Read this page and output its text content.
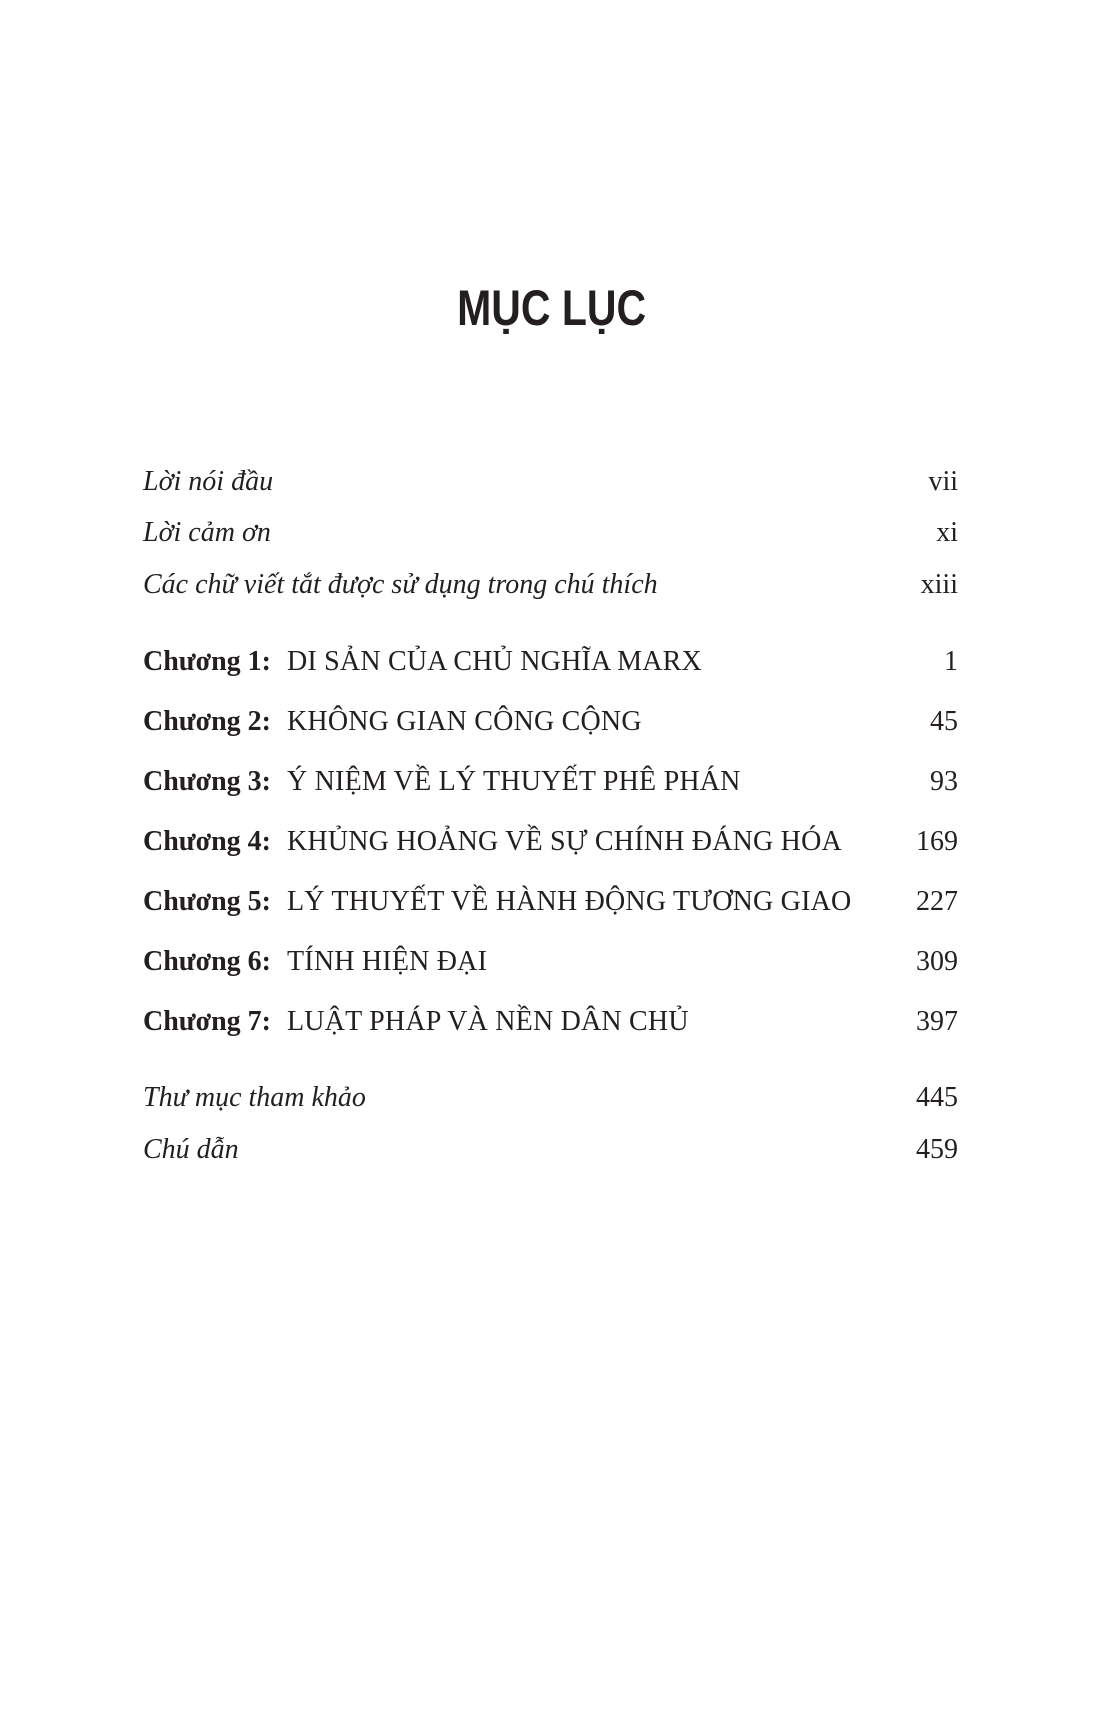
MỤC LỤC
Lời nói đầu	vii
Lời cảm ơn	xi
Các chữ viết tắt được sử dụng trong chú thích	xiii
Chương 1: DI SẢN CỦA CHỦ NGHĨA MARX	1
Chương 2: KHÔNG GIAN CÔNG CỘNG	45
Chương 3: Ý NIỆM VỀ LÝ THUYẾT PHÊ PHÁN	93
Chương 4: KHỦNG HOẢNG VỀ SỰ CHÍNH ĐÁNG HÓA	169
Chương 5: LÝ THUYẾT VỀ HÀNH ĐỘNG TƯƠNG GIAO 227
Chương 6: TÍNH HIỆN ĐẠI	309
Chương 7: LUẬT PHÁP VÀ NỀN DÂN CHỦ	397
Thư mục tham khảo	445
Chú dẫn	459
